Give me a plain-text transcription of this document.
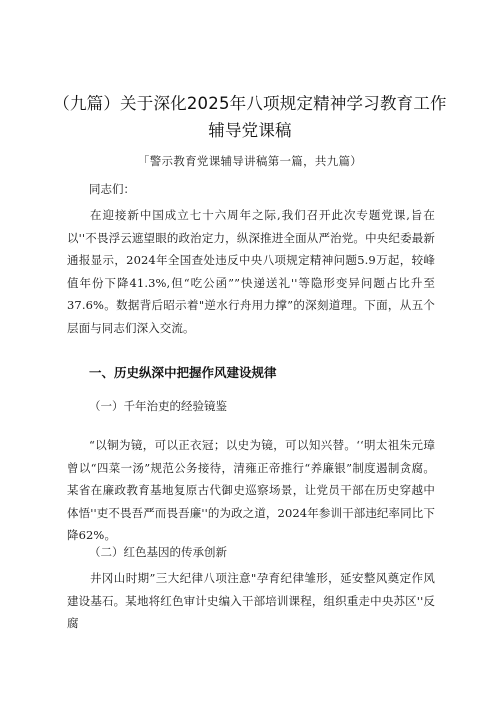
（九篇）关于深化2025年八项规定精神学习教育工作
辅导党课稿
「警示教育党课辅导讲稿第一篇，共九篇）
同志们：

在迎接新中国成立七十六周年之际,我们召开此次专题党课,旨在以''不畏浮云遮望眼的政治定力，纵深推进全面从严治党。中央纪委最新通报显示，2024年全国查处违反中央八项规定精神问题5.9万起，较峰值年份下降41.3%,但“吃公函””快递送礼''等隐形变异问题占比升至37.6%。数据背后昭示着"逆水行舟用力撑”的深刻道理。下面，从五个层面与同志们深入交流。

一、历史纵深中把握作风建设规律
（一）千年治吏的经验镜鉴

“以铜为镜，可以正衣冠；以史为镜，可以知兴替。‘‘明太祖朱元璋曾以“四菜一汤”规范公务接待，清雍正帝推行“养廉银”制度遏制贪腐。某省在廉政教育基地复原古代御史巡察场景，让党员干部在历史穿越中体悟''吏不畏吾严而畏吾廉''的为政之道，2024年参训干部违纪率同比下降62%。

（二）红色基因的传承创新

井冈山时期”三大纪律八项注意"孕育纪律雏形，延安整风奠定作风建设基石。某地将红色审计史编入干部培训课程，组织重走中央苏区''反腐
